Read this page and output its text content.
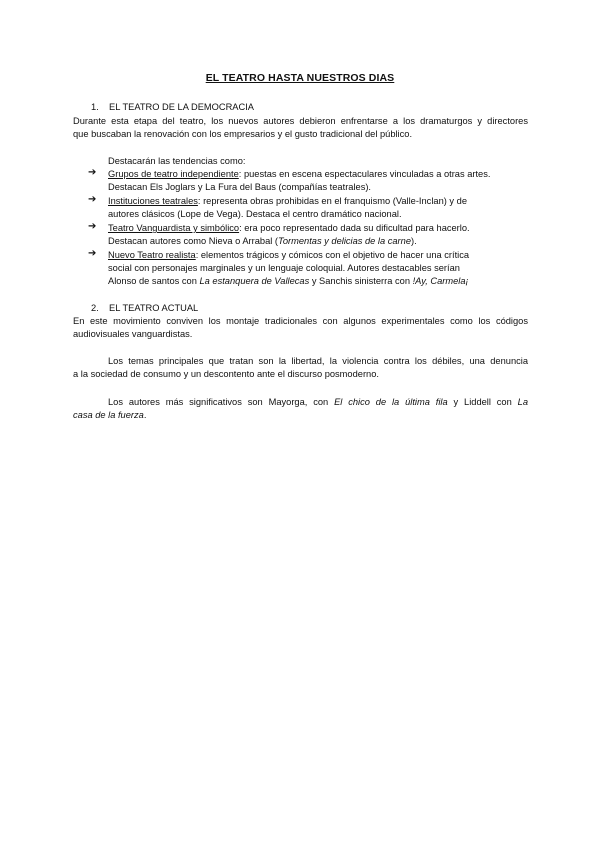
EL TEATRO HASTA NUESTROS DIAS
1. EL TEATRO DE LA DEMOCRACIA
Durante esta etapa del teatro, los nuevos autores debieron enfrentarse a los dramaturgos y directores
que buscaban la renovación con los empresarios y el gusto tradicional del público.
Destacarán las tendencias como:
➔ Grupos de teatro independiente: puestas en escena espectaculares vinculadas a otras artes.
Destacan Els Joglars y La Fura del Baus (compañías teatrales).
➔ Instituciones teatrales: representa obras prohibidas en el franquismo (Valle-Inclan) y de
autores clásicos (Lope de Vega). Destaca el centro dramático nacional.
➔ Teatro Vanguardista y simbólico: era poco representado dada su dificultad para hacerlo.
Destacan autores como Nieva o Arrabal (Tormentas y delicias de la carne).
➔ Nuevo Teatro realista: elementos trágicos y cómicos con el objetivo de hacer una crítica
social con personajes marginales y un lenguaje coloquial. Autores destacables serían
Alonso de santos con La estanquera de Vallecas y Sanchis sinisterra con !Ay, Carmela¡
2. EL TEATRO ACTUAL
En este movimiento conviven los montaje tradicionales con algunos experimentales como los códigos
audiovisuales vanguardistas.
Los temas principales que tratan son la libertad, la violencia contra los débiles, una denuncia
a la sociedad de consumo y un descontento ante el discurso posmoderno.
Los autores más significativos son Mayorga, con El chico de la última fila y Liddell con La
casa de la fuerza.
